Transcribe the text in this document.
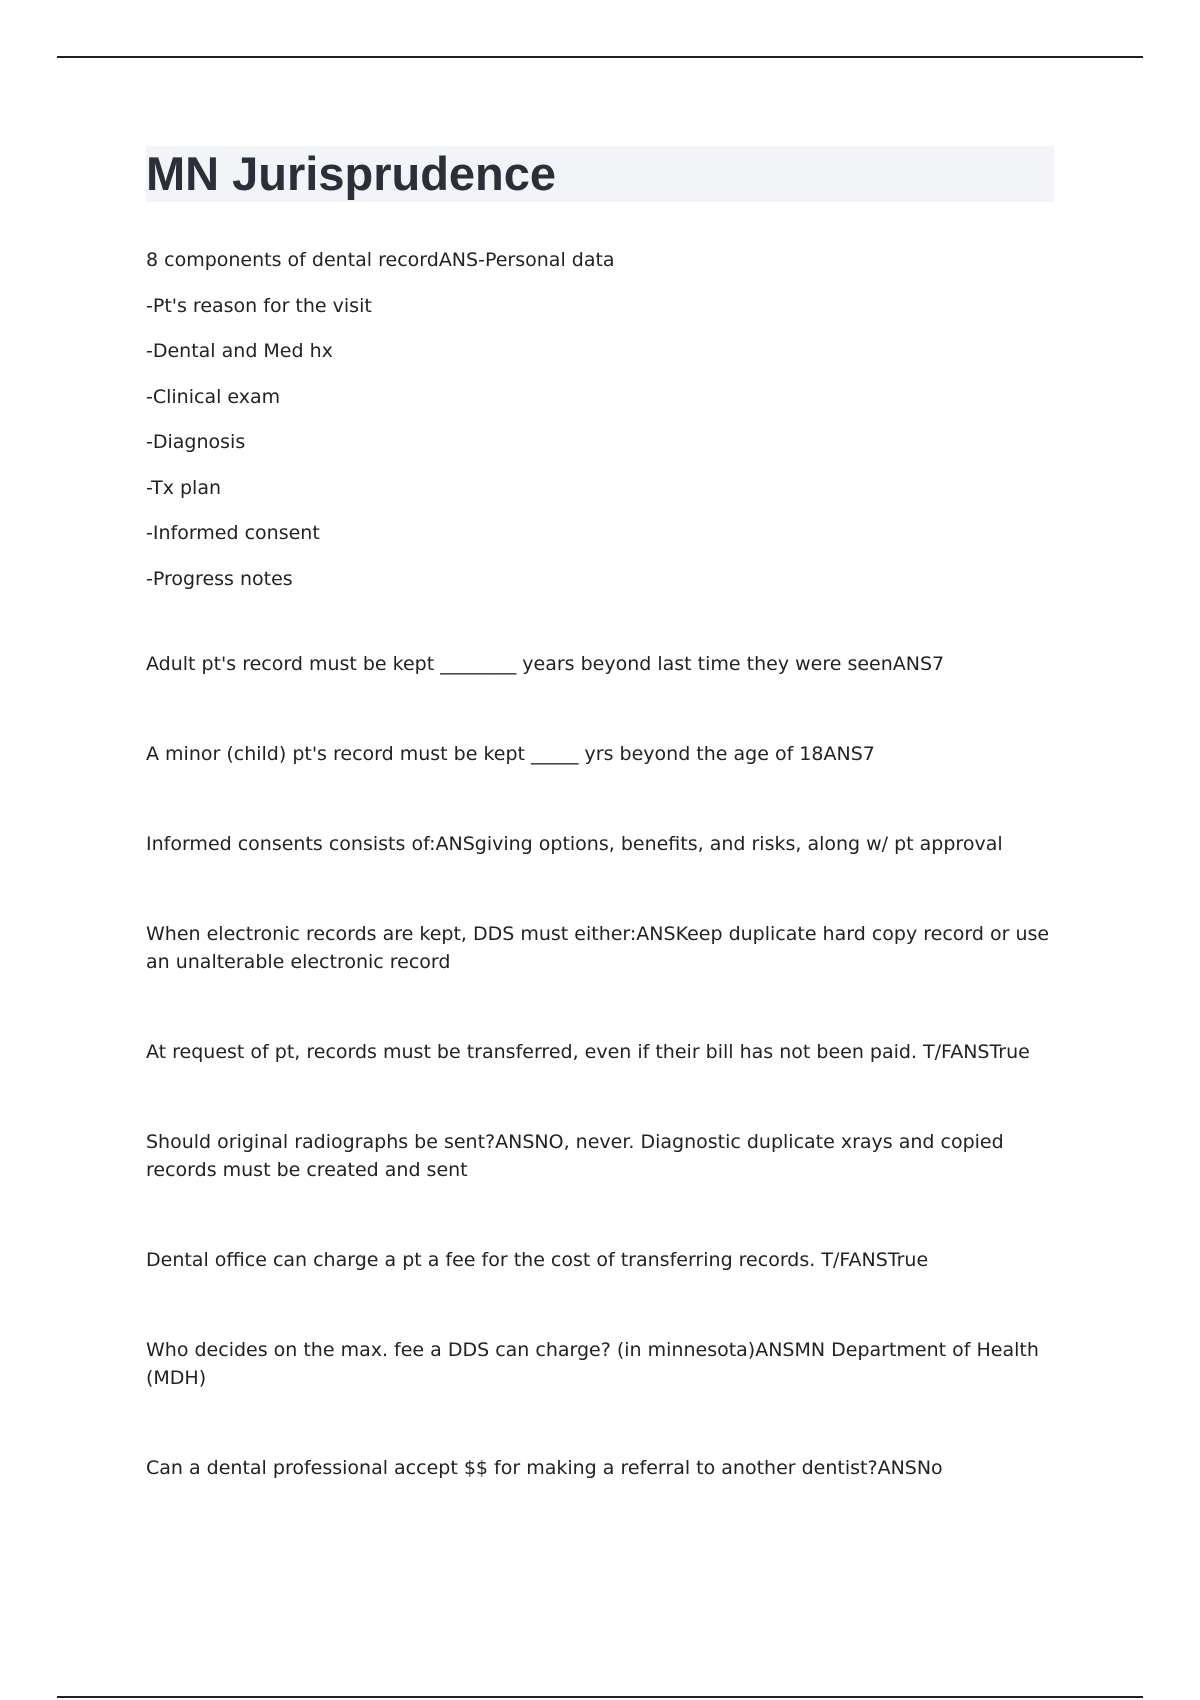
MN Jurisprudence
8 components of dental recordANS-Personal data
-Pt's reason for the visit
-Dental and Med hx
-Clinical exam
-Diagnosis
-Tx plan
-Informed consent
-Progress notes

Adult pt's record must be kept ________ years beyond last time they were seenANS7

A minor (child) pt's record must be kept _____ yrs beyond the age of 18ANS7

Informed consents consists of:ANSgiving options, benefits, and risks, along w/ pt approval

When electronic records are kept, DDS must either:ANSKeep duplicate hard copy record or use an unalterable electronic record

At request of pt, records must be transferred, even if their bill has not been paid. T/FANSTrue

Should original radiographs be sent?ANSNO, never. Diagnostic duplicate xrays and copied records must be created and sent

Dental office can charge a pt a fee for the cost of transferring records. T/FANSTrue

Who decides on the max. fee a DDS can charge? (in minnesota)ANSMN Department of Health (MDH)

Can a dental professional accept $$ for making a referral to another dentist?ANSNo
